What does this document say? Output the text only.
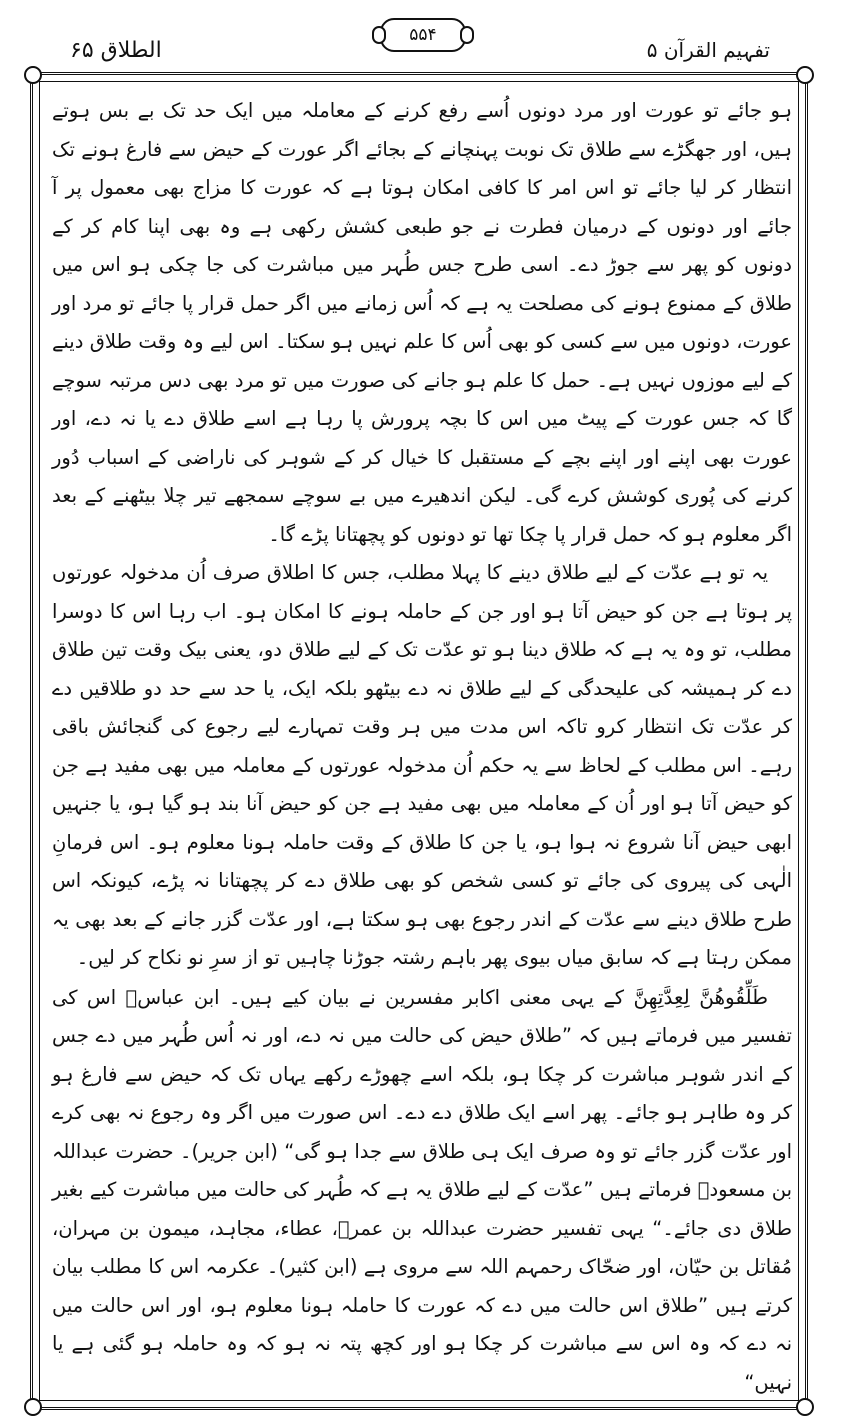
الطلاق ۶۵
۵۵۴
تفہیم القرآن ۵

ہو جائے تو عورت اور مرد دونوں اُسے رفع کرنے کے معاملہ میں ایک حد تک بے بس ہوتے ہیں، اور جھگڑے سے طلاق تک نوبت پہنچانے کے بجائے اگر عورت کے حیض سے فارغ ہونے تک انتظار کر لیا جائے تو اس امر کا کافی امکان ہوتا ہے کہ عورت کا مزاج بھی معمول پر آ جائے اور دونوں کے درمیان فطرت نے جو طبعی کشش رکھی ہے وہ بھی اپنا کام کر کے دونوں کو پھر سے جوڑ دے۔ اسی طرح جس طُہر میں مباشرت کی جا چکی ہو اس میں طلاق کے ممنوع ہونے کی مصلحت یہ ہے کہ اُس زمانے میں اگر حمل قرار پا جائے تو مرد اور عورت، دونوں میں سے کسی کو بھی اُس کا علم نہیں ہو سکتا۔ اس لیے وہ وقت طلاق دینے کے لیے موزوں نہیں ہے۔ حمل کا علم ہو جانے کی صورت میں تو مرد بھی دس مرتبہ سوچے گا کہ جس عورت کے پیٹ میں اس کا بچہ پرورش پا رہا ہے اسے طلاق دے یا نہ دے، اور عورت بھی اپنے اور اپنے بچے کے مستقبل کا خیال کر کے شوہر کی ناراضی کے اسباب دُور کرنے کی پُوری کوشش کرے گی۔ لیکن اندھیرے میں بے سوچے سمجھے تیر چلا بیٹھنے کے بعد اگر معلوم ہو کہ حمل قرار پا چکا تھا تو دونوں کو پچھتانا پڑے گا۔

یہ تو ہے عدّت کے لیے طلاق دینے کا پہلا مطلب، جس کا اطلاق صرف اُن مدخولہ عورتوں پر ہوتا ہے جن کو حیض آتا ہو اور جن کے حاملہ ہونے کا امکان ہو۔ اب رہا اس کا دوسرا مطلب، تو وہ یہ ہے کہ طلاق دینا ہو تو عدّت تک کے لیے طلاق دو، یعنی بیک وقت تین طلاق دے کر ہمیشہ کی علیحدگی کے لیے طلاق نہ دے بیٹھو بلکہ ایک، یا حد سے حد دو طلاقیں دے کر عدّت تک انتظار کرو تاکہ اس مدت میں ہر وقت تمہارے لیے رجوع کی گنجائش باقی رہے۔ اس مطلب کے لحاظ سے یہ حکم اُن مدخولہ عورتوں کے معاملہ میں بھی مفید ہے جن کو حیض آتا ہو اور اُن کے معاملہ میں بھی مفید ہے جن کو حیض آنا بند ہو گیا ہو، یا جنہیں ابھی حیض آنا شروع نہ ہوا ہو، یا جن کا طلاق کے وقت حاملہ ہونا معلوم ہو۔ اس فرمانِ الٰہی کی پیروی کی جائے تو کسی شخص کو بھی طلاق دے کر پچھتانا نہ پڑے، کیونکہ اس طرح طلاق دینے سے عدّت کے اندر رجوع بھی ہو سکتا ہے، اور عدّت گزر جانے کے بعد بھی یہ ممکن رہتا ہے کہ سابق میاں بیوی پھر باہم رشتہ جوڑنا چاہیں تو از سرِ نو نکاح کر لیں۔

طَلِّقُوهُنَّ لِعِدَّتِهِنَّ کے یہی معنی اکابر مفسرین نے بیان کیے ہیں۔ ابن عباسؓ اس کی تفسیر میں فرماتے ہیں کہ ”طلاق حیض کی حالت میں نہ دے، اور نہ اُس طُہر میں دے جس کے اندر شوہر مباشرت کر چکا ہو، بلکہ اسے چھوڑے رکھے یہاں تک کہ حیض سے فارغ ہو کر وہ طاہر ہو جائے۔ پھر اسے ایک طلاق دے دے۔ اس صورت میں اگر وہ رجوع نہ بھی کرے اور عدّت گزر جائے تو وہ صرف ایک ہی طلاق سے جدا ہو گی“ (ابن جریر)۔ حضرت عبداللہ بن مسعودؓ فرماتے ہیں ”عدّت کے لیے طلاق یہ ہے کہ طُہر کی حالت میں مباشرت کیے بغیر طلاق دی جائے۔“ یہی تفسیر حضرت عبداللہ بن عمرؓ، عطاء، مجاہد، میمون بن مہران، مُقاتل بن حیّان، اور ضحّاک رحمہم اللہ سے مروی ہے (ابن کثیر)۔ عکرمہ اس کا مطلب بیان کرتے ہیں ”طلاق اس حالت میں دے کہ عورت کا حاملہ ہونا معلوم ہو، اور اس حالت میں نہ دے کہ وہ اس سے مباشرت کر چکا ہو اور کچھ پتہ نہ ہو کہ وہ حاملہ ہو گئی ہے یا نہیں“
